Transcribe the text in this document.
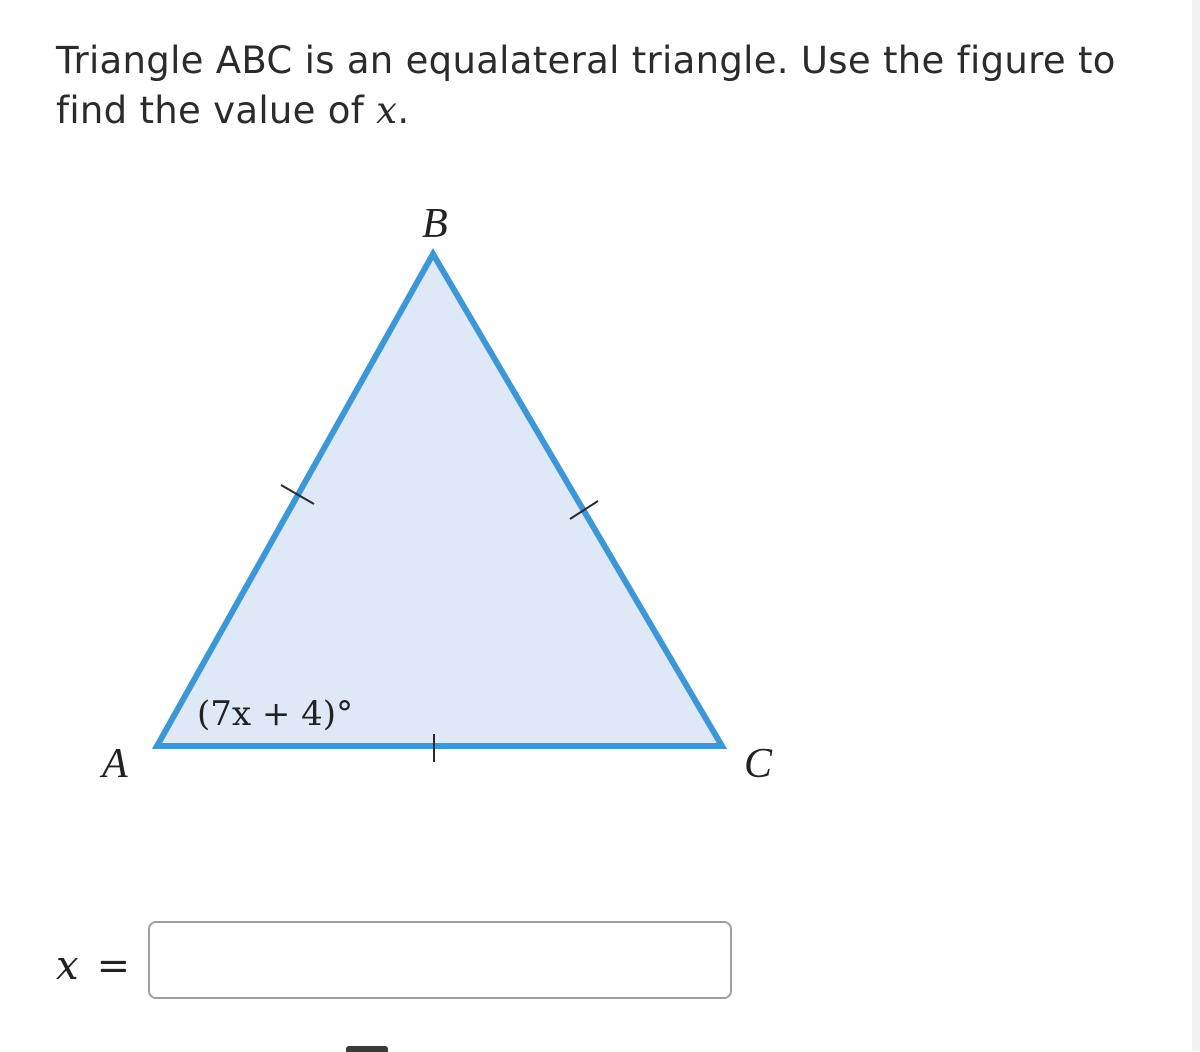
Triangle ABC is an equalateral triangle. Use the figure to find the value of x.

B
A	C
(7x + 4)°
x =
